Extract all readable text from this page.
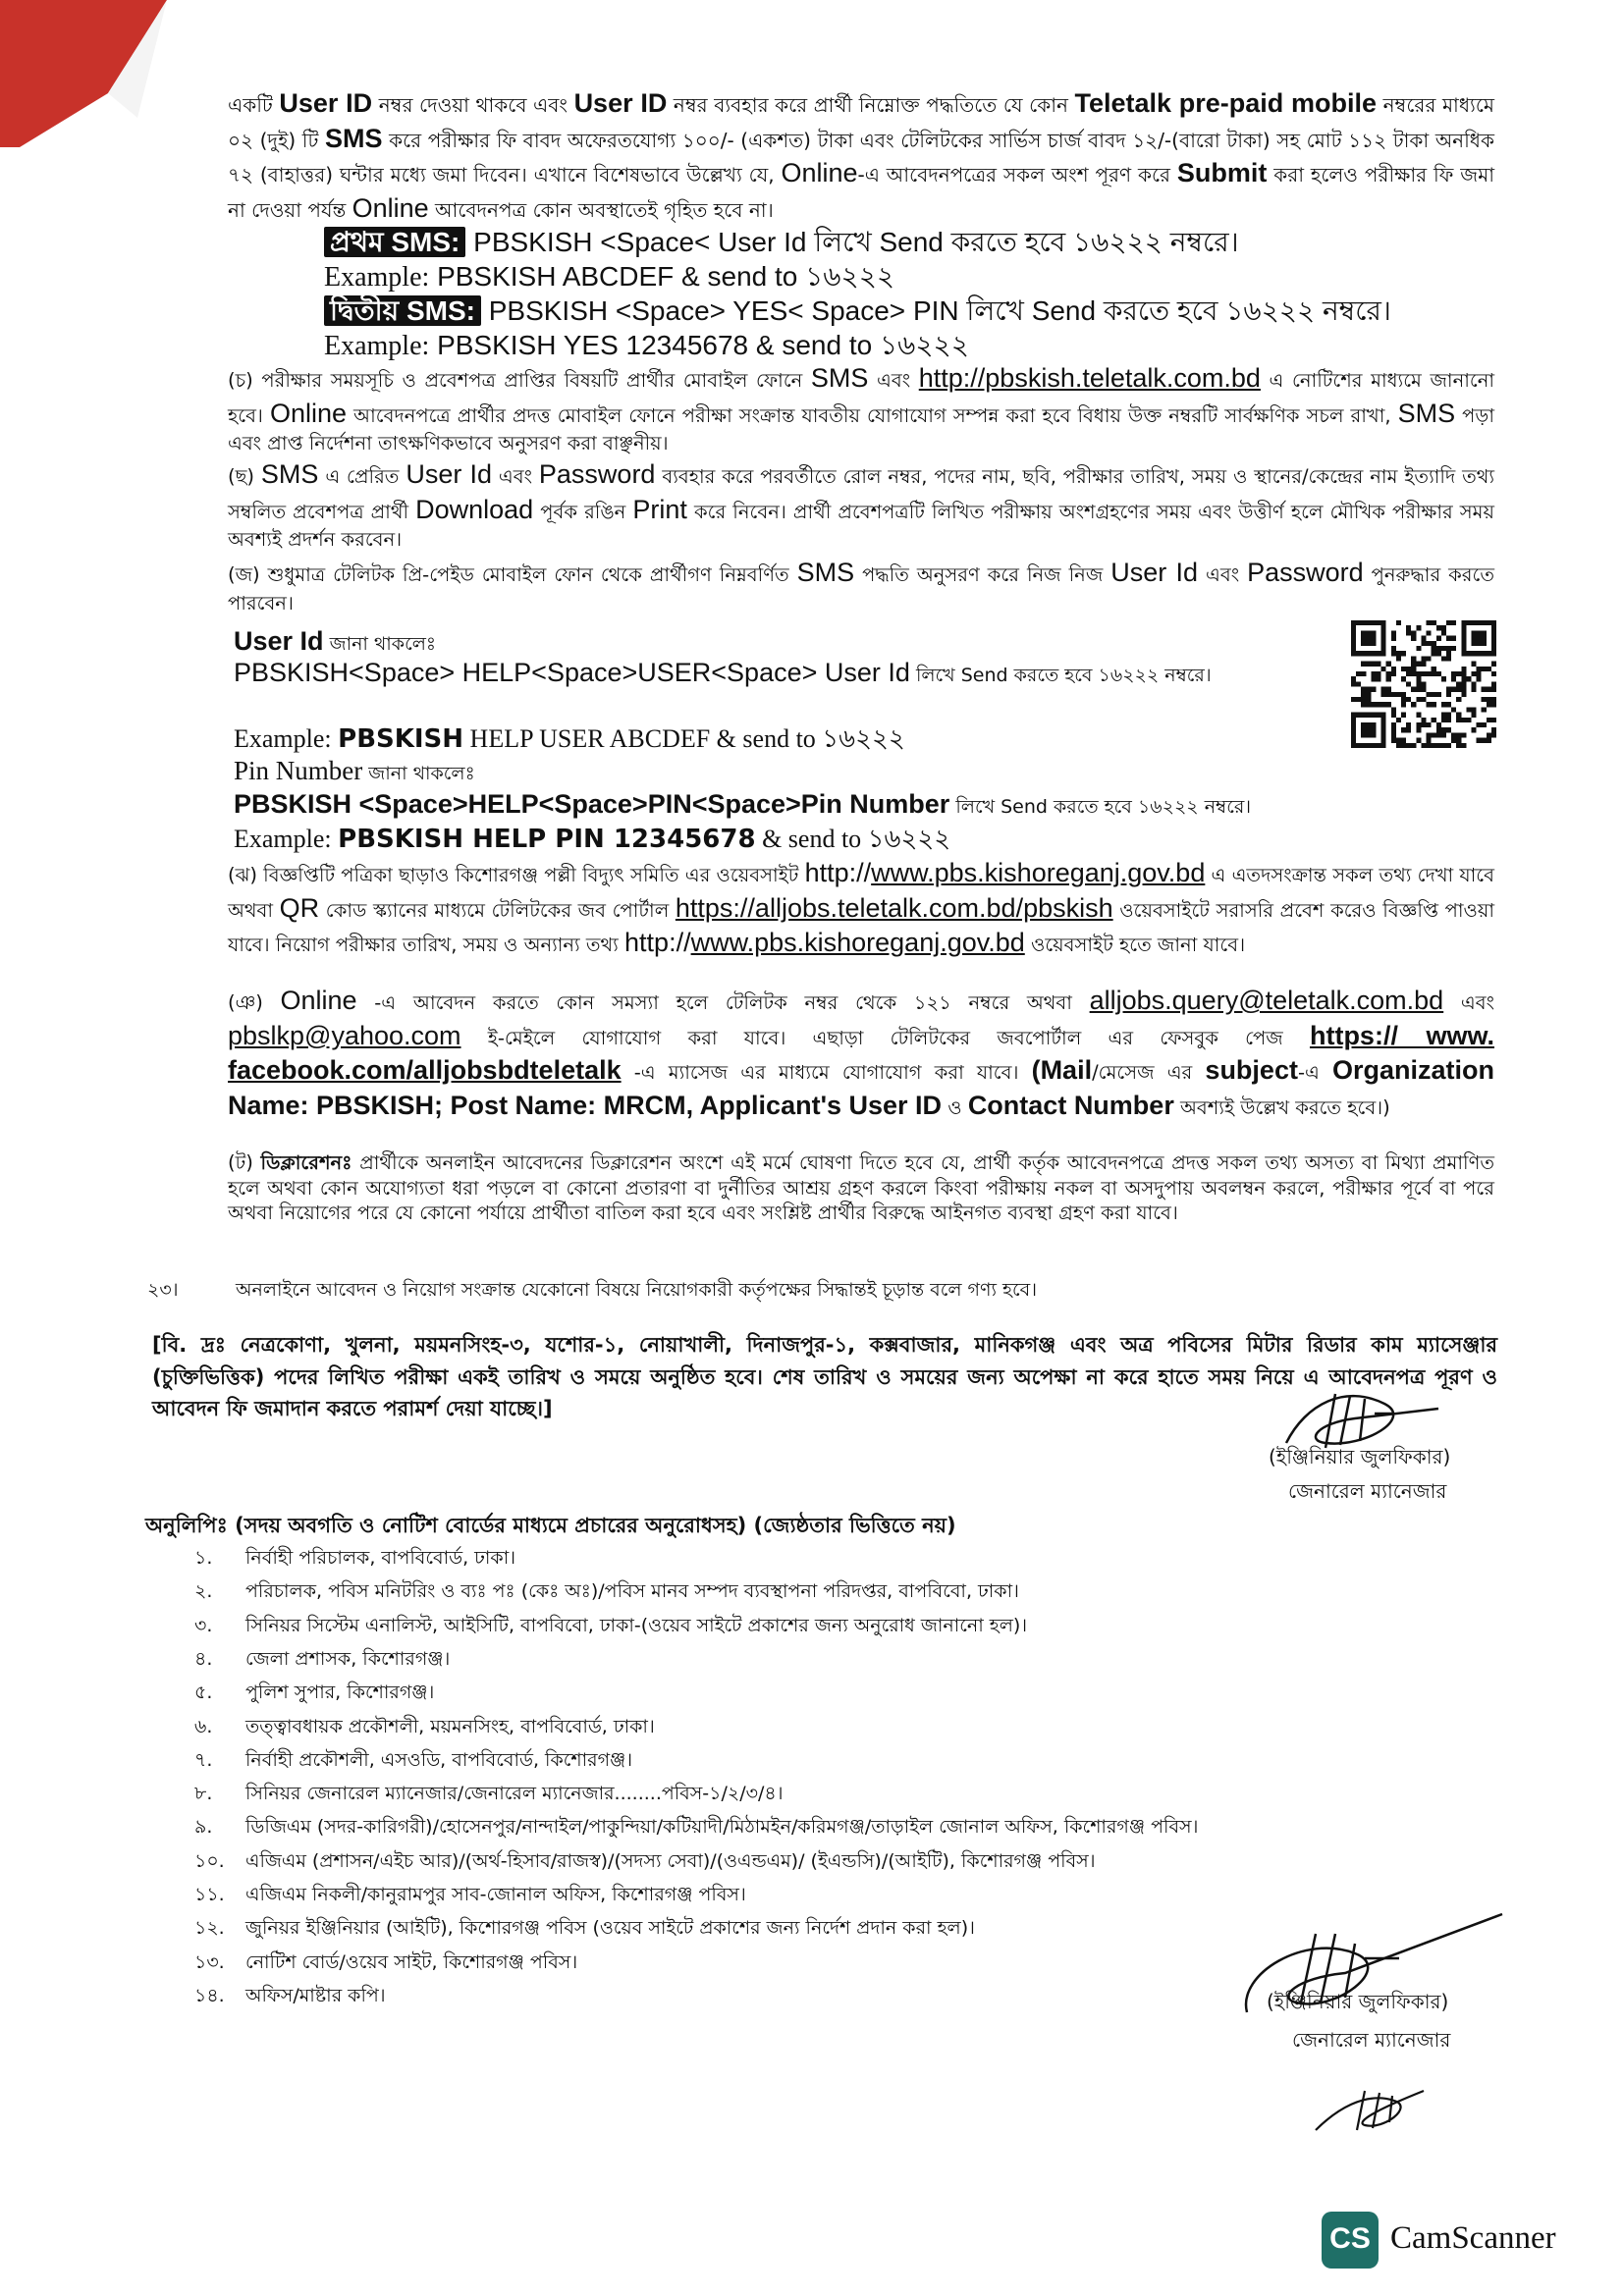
একটি User ID নম্বর দেওয়া থাকবে এবং User ID নম্বর ব্যবহার করে প্রার্থী নিম্নোক্ত পদ্ধতিতে যে কোন Teletalk pre-paid mobile নম্বরের মাধ্যমে ০২ (দুই) টি SMS করে পরীক্ষার ফি বাবদ অফেরতযোগ্য ১০০/- (একশত) টাকা এবং টেলিটকের সার্ভিস চার্জ বাবদ ১২/-(বারো টাকা) সহ মোট ১১২ টাকা অনধিক ৭২ (বাহাত্তর) ঘন্টার মধ্যে জমা দিবেন। এখানে বিশেষভাবে উল্লেখ্য যে, Online-এ আবেদনপত্রের সকল অংশ পূরণ করে Submit করা হলেও পরীক্ষার ফি জমা না দেওয়া পর্যন্ত Online আবেদনপত্র কোন অবস্থাতেই গৃহিত হবে না।

প্রথম SMS: PBSKISH <Space< User Id লিখে Send করতে হবে ১৬২২২ নম্বরে।
Example: PBSKISH ABCDEF & send to ১৬২২২
দ্বিতীয় SMS: PBSKISH <Space> YES< Space> PIN লিখে Send করতে হবে ১৬২২২ নম্বরে।
Example: PBSKISH YES 12345678 & send to ১৬২২২

(চ) পরীক্ষার সময়সূচি ও প্রবেশপত্র প্রাপ্তির বিষয়টি প্রার্থীর মোবাইল ফোনে SMS এবং http://pbskish.teletalk.com.bd এ নোটিশের মাধ্যমে জানানো হবে। Online আবেদনপত্রে প্রার্থীর প্রদত্ত মোবাইল ফোনে পরীক্ষা সংক্রান্ত যাবতীয় যোগাযোগ সম্পন্ন করা হবে বিধায় উক্ত নম্বরটি সার্বক্ষণিক সচল রাখা, SMS পড়া এবং প্রাপ্ত নির্দেশনা তাৎক্ষণিকভাবে অনুসরণ করা বাঞ্ছনীয়।

(ছ) SMS এ প্রেরিত User Id এবং Password ব্যবহার করে পরবর্তীতে রোল নম্বর, পদের নাম, ছবি, পরীক্ষার তারিখ, সময় ও স্থানের/কেন্দ্রের নাম ইত্যাদি তথ্য সম্বলিত প্রবেশপত্র প্রার্থী Download পূর্বক রঙিন Print করে নিবেন। প্রার্থী প্রবেশপত্রটি লিখিত পরীক্ষায় অংশগ্রহণের সময় এবং উত্তীর্ণ হলে মৌখিক পরীক্ষার সময় অবশ্যই প্রদর্শন করবেন।

(জ) শুধুমাত্র টেলিটক প্রি-পেইড মোবাইল ফোন থেকে প্রার্থীগণ নিম্নবর্ণিত SMS পদ্ধতি অনুসরণ করে নিজ নিজ User Id এবং Password পুনরুদ্ধার করতে পারবেন।

User Id জানা থাকলেঃ
PBSKISH<Space> HELP<Space>USER<Space> User Id লিখে Send করতে হবে ১৬২২২ নম্বরে।
Example: PBSKISH HELP USER ABCDEF & send to ১৬২২২
Pin Number জানা থাকলেঃ
PBSKISH <Space>HELP<Space>PIN<Space>Pin Number লিখে Send করতে হবে ১৬২২২ নম্বরে।
Example: PBSKISH HELP PIN 12345678 & send to ১৬২২২

(ঝ) বিজ্ঞপ্তিটি পত্রিকা ছাড়াও কিশোরগঞ্জ পল্লী বিদ্যুৎ সমিতি এর ওয়েবসাইট http://www.pbs.kishoreganj.gov.bd এ এতদসংক্রান্ত সকল তথ্য দেখা যাবে অথবা QR কোড স্ক্যানের মাধ্যমে টেলিটকের জব পোর্টাল https://alljobs.teletalk.com.bd/pbskish ওয়েবসাইটে সরাসরি প্রবেশ করেও বিজ্ঞপ্তি পাওয়া যাবে। নিয়োগ পরীক্ষার তারিখ, সময় ও অন্যান্য তথ্য http://www.pbs.kishoreganj.gov.bd ওয়েবসাইট হতে জানা যাবে।

(ঞ) Online -এ আবেদন করতে কোন সমস্যা হলে টেলিটক নম্বর থেকে ১২১ নম্বরে অথবা alljobs.query@teletalk.com.bd এবং pbslkp@yahoo.com ই-মেইলে যোগাযোগ করা যাবে। এছাড়া টেলিটকের জবপোর্টাল এর ফেসবুক পেজ https:// www. facebook.com/alljobsbdteletalk -এ ম্যাসেজ এর মাধ্যমে যোগাযোগ করা যাবে। (Mail/মেসেজ এর subject-এ Organization Name: PBSKISH; Post Name: MRCM, Applicant's User ID ও Contact Number অবশ্যই উল্লেখ করতে হবে।)

(ট) ডিক্লারেশনঃ প্রার্থীকে অনলাইন আবেদনের ডিক্লারেশন অংশে এই মর্মে ঘোষণা দিতে হবে যে, প্রার্থী কর্তৃক আবেদনপত্রে প্রদত্ত সকল তথ্য অসত্য বা মিথ্যা প্রমাণিত হলে অথবা কোন অযোগ্যতা ধরা পড়লে বা কোনো প্রতারণা বা দুর্নীতির আশ্রয় গ্রহণ করলে কিংবা পরীক্ষায় নকল বা অসদুপায় অবলম্বন করলে, পরীক্ষার পূর্বে বা পরে অথবা নিয়োগের পরে যে কোনো পর্যায়ে প্রার্থীতা বাতিল করা হবে এবং সংশ্লিষ্ট প্রার্থীর বিরুদ্ধে আইনগত ব্যবস্থা গ্রহণ করা যাবে।

২৩।	অনলাইনে আবেদন ও নিয়োগ সংক্রান্ত যেকোনো বিষয়ে নিয়োগকারী কর্তৃপক্ষের সিদ্ধান্তই চূড়ান্ত বলে গণ্য হবে।

[বি. দ্রঃ নেত্রকোণা, খুলনা, ময়মনসিংহ-৩, যশোর-১, নোয়াখালী, দিনাজপুর-১, কক্সবাজার, মানিকগঞ্জ এবং অত্র পবিসের মিটার রিডার কাম ম্যাসেঞ্জার (চুক্তিভিত্তিক) পদের লিখিত পরীক্ষা একই তারিখ ও সময়ে অনুষ্ঠিত হবে। শেষ তারিখ ও সময়ের জন্য অপেক্ষা না করে হাতে সময় নিয়ে এ আবেদনপত্র পূরণ ও আবেদন ফি জমাদান করতে পরামর্শ দেয়া যাচ্ছে।]

(ইঞ্জিনিয়ার জুলফিকার)
জেনারেল ম্যানেজার
অনুলিপিঃ (সদয় অবগতি ও নোটিশ বোর্ডের মাধ্যমে প্রচারের অনুরোধসহ) (জ্যেষ্ঠতার ভিত্তিতে নয়)
১. নির্বাহী পরিচালক, বাপবিবোর্ড, ঢাকা।
২. পরিচালক, পবিস মনিটরিং ও ব্যঃ পঃ (কেঃ অঃ)/পবিস মানব সম্পদ ব্যবস্থাপনা পরিদপ্তর, বাপবিবো, ঢাকা।
৩. সিনিয়র সিস্টেম এনালিস্ট, আইসিটি, বাপবিবো, ঢাকা-(ওয়েব সাইটে প্রকাশের জন্য অনুরোধ জানানো হল)।
৪. জেলা প্রশাসক, কিশোরগঞ্জ।
৫. পুলিশ সুপার, কিশোরগঞ্জ।
৬. তত্ত্বাবধায়ক প্রকৌশলী, ময়মনসিংহ, বাপবিবোর্ড, ঢাকা।
৭. নির্বাহী প্রকৌশলী, এসওডি, বাপবিবোর্ড, কিশোরগঞ্জ।
৮. সিনিয়র জেনারেল ম্যানেজার/জেনারেল ম্যানেজার........পবিস-১/২/৩/৪।
৯. ডিজিএম (সদর-কারিগরী)/হোসেনপুর/নান্দাইল/পাকুন্দিয়া/কটিয়াদী/মিঠামইন/করিমগঞ্জ/তাড়াইল জোনাল অফিস, কিশোরগঞ্জ পবিস।
১০. এজিএম (প্রশাসন/এইচ আর)/(অর্থ-হিসাব/রাজস্ব)/(সদস্য সেবা)/(ওএন্ডএম)/ (ইএন্ডসি)/(আইটি), কিশোরগঞ্জ পবিস।
১১. এজিএম নিকলী/কানুরামপুর সাব-জোনাল অফিস, কিশোরগঞ্জ পবিস।
১২. জুনিয়র ইঞ্জিনিয়ার (আইটি), কিশোরগঞ্জ পবিস (ওয়েব সাইটে প্রকাশের জন্য নির্দেশ প্রদান করা হল)।
১৩. নোটিশ বোর্ড/ওয়েব সাইট, কিশোরগঞ্জ পবিস।
১৪. অফিস/মাষ্টার কপি।	(ইঞ্জিনিয়ার জুলফিকার)
জেনারেল ম্যানেজার
CS CamScanner
